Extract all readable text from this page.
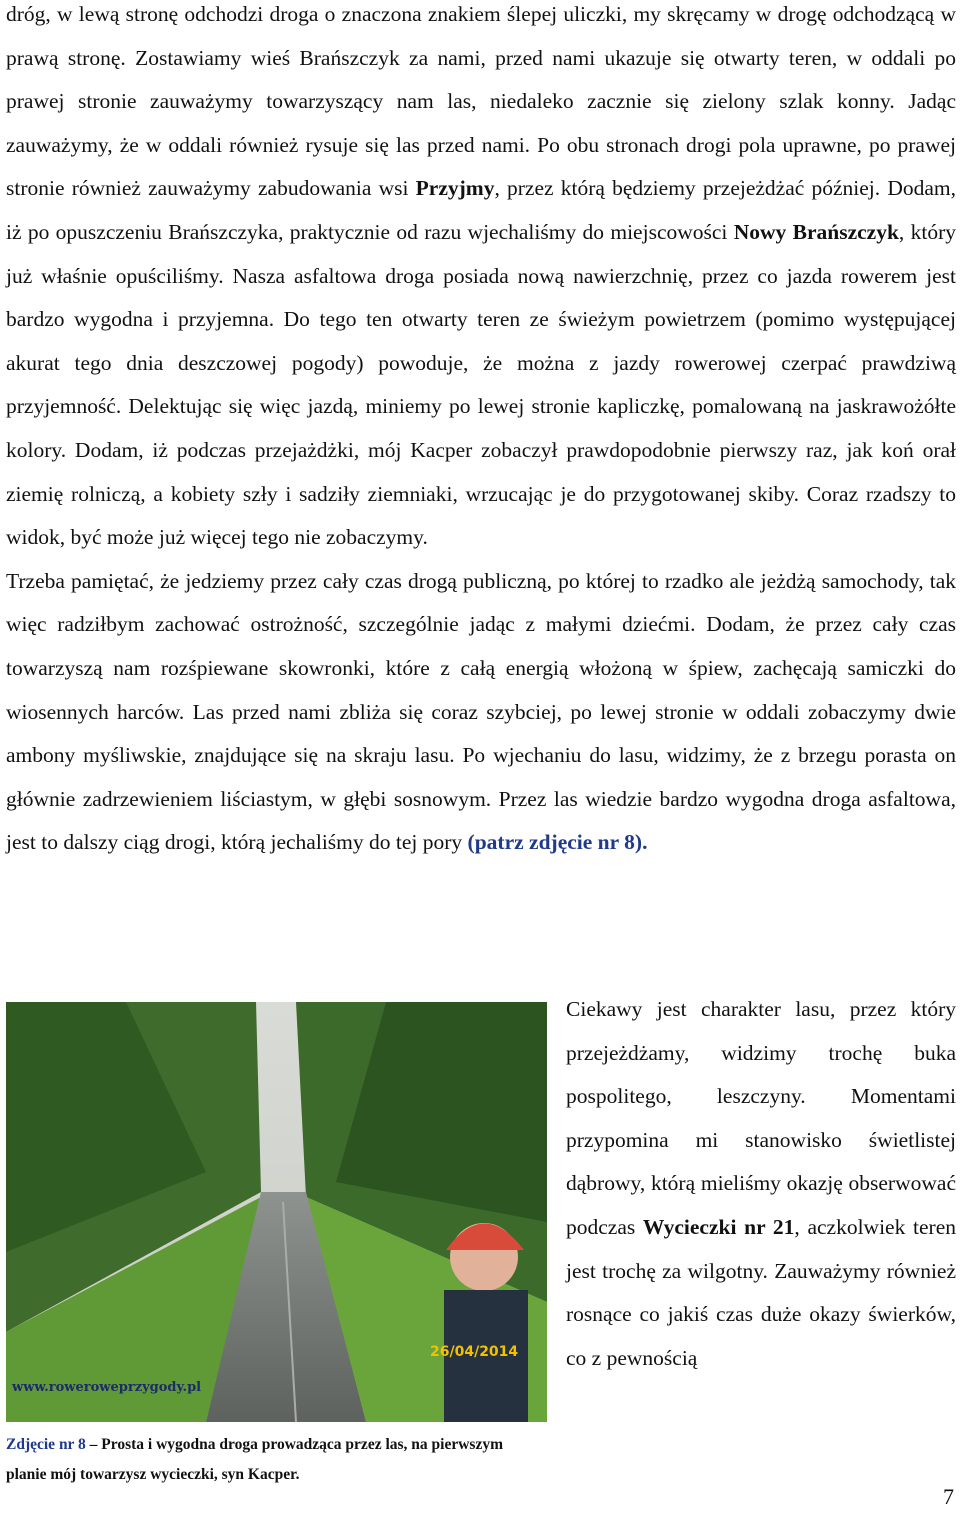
dróg, w lewą stronę odchodzi droga o znaczona znakiem ślepej uliczki, my skręcamy w drogę odchodzącą w prawą stronę. Zostawiamy wieś Brańszczyk za nami, przed nami ukazuje się otwarty teren, w oddali po prawej stronie zauważymy towarzyszący nam las, niedaleko zacznie się zielony szlak konny. Jadąc zauważymy, że w oddali również rysuje się las przed nami. Po obu stronach drogi pola uprawne, po prawej stronie również zauważymy zabudowania wsi Przyjmy, przez którą będziemy przejeżdżać później. Dodam, iż po opuszczeniu Brańszczyka, praktycznie od razu wjechaliśmy do miejscowości Nowy Brańszczyk, który już właśnie opuściliśmy. Nasza asfaltowa droga posiada nową nawierzchnię, przez co jazda rowerem jest bardzo wygodna i przyjemna. Do tego ten otwarty teren ze świeżym powietrzem (pomimo występującej akurat tego dnia deszczowej pogody) powoduje, że można z jazdy rowerowej czerpać prawdziwą przyjemność. Delektując się więc jazdą, miniemy po lewej stronie kapliczkę, pomalowaną na jaskrawożółte kolory. Dodam, iż podczas przejażdżki, mój Kacper zobaczył prawdopodobnie pierwszy raz, jak koń orał ziemię rolniczą, a kobiety szły i sadziły ziemniaki, wrzucając je do przygotowanej skiby. Coraz rzadszy to widok, być może już więcej tego nie zobaczymy.

Trzeba pamiętać, że jedziemy przez cały czas drogą publiczną, po której to rzadko ale jeżdżą samochody, tak więc radziłbym zachować ostrożność, szczególnie jadąc z małymi dziećmi. Dodam, że przez cały czas towarzyszą nam rozśpiewane skowronki, które z całą energią włożoną w śpiew, zachęcają samiczki do wiosennych harców. Las przed nami zbliża się coraz szybciej, po lewej stronie w oddali zobaczymy dwie ambony myśliwskie, znajdujące się na skraju lasu. Po wjechaniu do lasu, widzimy, że z brzegu porasta on głównie zadrzewieniem liściastym, w głębi sosnowym. Przez las wiedzie bardzo wygodna droga asfaltowa, jest to dalszy ciąg drogi, którą jechaliśmy do tej pory (patrz zdjęcie nr 8).

26/04/2014
www.rowerowe​przygody.pl

Ciekawy jest charakter lasu, przez który przejeżdżamy, widzimy trochę buka pospolitego, leszczyny. Momentami przypomina mi stanowisko świetlistej dąbrowy, którą mieliśmy okazję obserwować podczas Wycieczki nr 21, aczkolwiek teren jest trochę za wilgotny. Zauważymy również rosnące co jakiś czas duże okazy świerków, co z pewnością

Zdjęcie nr 8 – Prosta i wygodna droga prowadząca przez las, na pierwszym planie mój towarzysz wycieczki, syn Kacper.

7
